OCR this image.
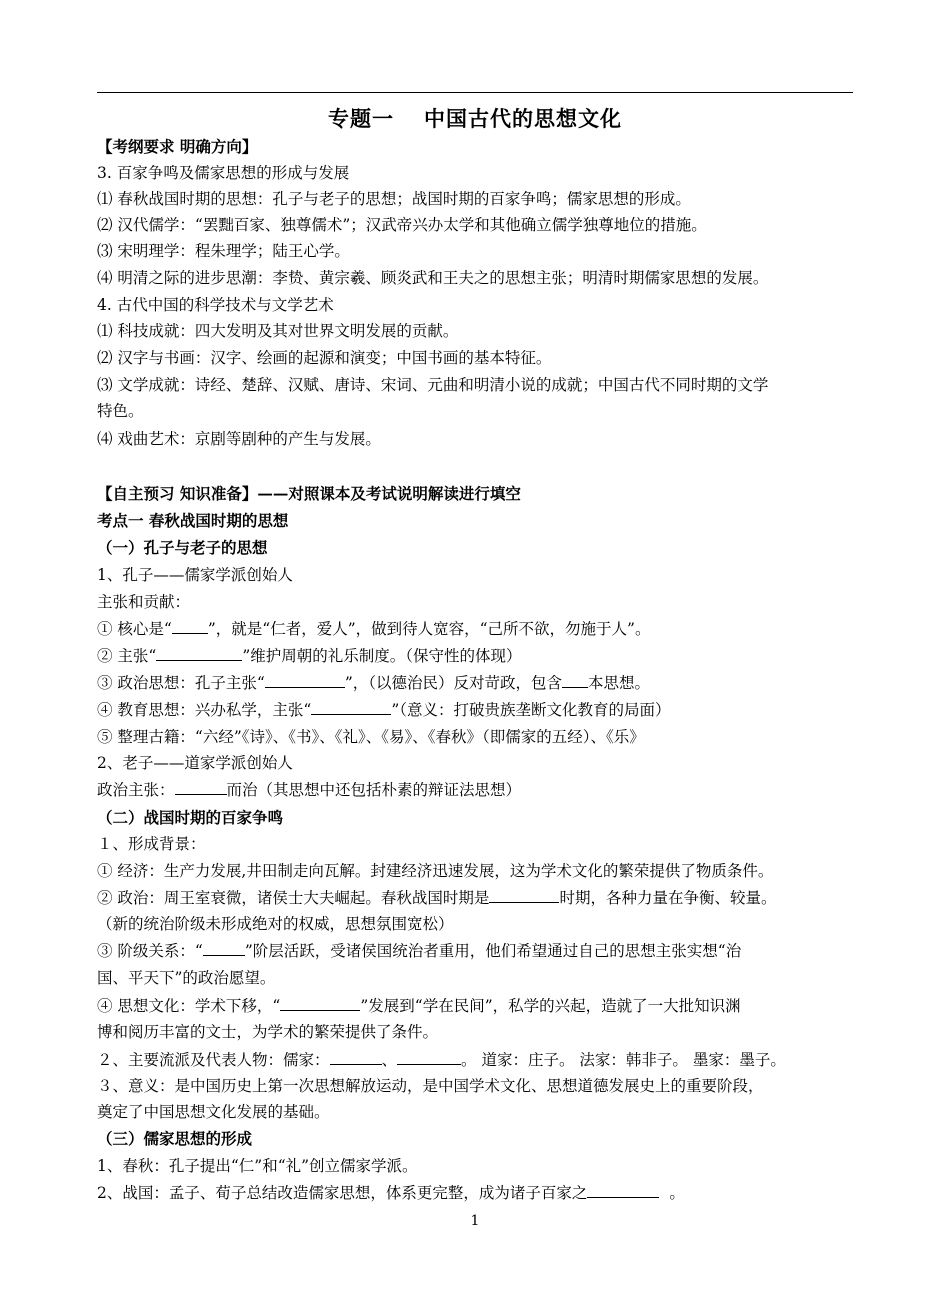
专题一 中国古代的思想文化
【考纲要求 明确方向】
3. 百家争鸣及儒家思想的形成与发展
⑴ 春秋战国时期的思想：孔子与老子的思想；战国时期的百家争鸣；儒家思想的形成。
⑵ 汉代儒学：“罢黜百家、独尊儒术”；汉武帝兴办太学和其他确立儒学独尊地位的措施。
⑶ 宋明理学：程朱理学；陆王心学。
⑷ 明清之际的进步思潮：李贽、黄宗羲、顾炎武和王夫之的思想主张；明清时期儒家思想的发展。
4. 古代中国的科学技术与文学艺术
⑴ 科技成就：四大发明及其对世界文明发展的贡献。
⑵ 汉字与书画：汉字、绘画的起源和演变；中国书画的基本特征。
⑶ 文学成就：诗经、楚辞、汉赋、唐诗、宋词、元曲和明清小说的成就；中国古代不同时期的文学
特色。
⑷ 戏曲艺术：京剧等剧种的产生与发展。
【自主预习 知识准备】——对照课本及考试说明解读进行填空
考点一 春秋战国时期的思想
（一）孔子与老子的思想
1、孔子——儒家学派创始人
主张和贡献：
① 核心是“ ”，就是“仁者，爱人”，做到待人宽容，“己所不欲，勿施于人”。
② 主张“	”维护周朝的礼乐制度。（保守性的体现）
③ 政治思想：孔子主张“	”，（以德治民）反对苛政，包含 本思想。
④ 教育思想：兴办私学，主张“	”（意义：打破贵族垄断文化教育的局面）
⑤ 整理古籍：“六经”《诗》、《书》、《礼》、《易》、《春秋》（即儒家的五经）、《乐》
2、老子——道家学派创始人
政治主张：	而治（其思想中还包括朴素的辩证法思想）
（二）战国时期的百家争鸣
１、形成背景：
① 经济：生产力发展,井田制走向瓦解。封建经济迅速发展，这为学术文化的繁荣提供了物质条件。
② 政治：周王室衰微，诸侯士大夫崛起。春秋战国时期是	时期，各种力量在争衡、较量。
（新的统治阶级未形成绝对的权威，思想氛围宽松）
③ 阶级关系：“	”阶层活跃，受诸侯国统治者重用，他们希望通过自己的思想主张实想“治
国、平天下”的政治愿望。
④ 思想文化：学术下移，“	”发展到“学在民间”，私学的兴起，造就了一大批知识渊
博和阅历丰富的文士，为学术的繁荣提供了条件。
２、主要流派及代表人物：儒家：	、	。 道家：庄子。 法家：韩非子。 墨家：墨子。
３、意义：是中国历史上第一次思想解放运动，是中国学术文化、思想道德发展史上的重要阶段，
奠定了中国思想文化发展的基础。
（三）儒家思想的形成
1、春秋：孔子提出“仁”和“礼”创立儒家学派。
2、战国：孟子、荀子总结改造儒家思想，体系更完整，成为诸子百家之	。
1
